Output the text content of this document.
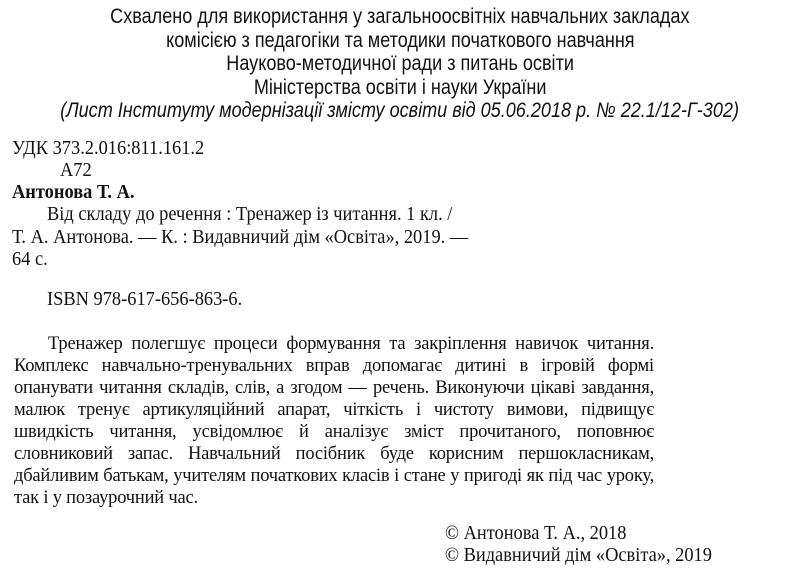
Схвалено для використання у загальноосвітніх навчальних закладах
комісією з педагогіки та методики початкового навчання
Науково-методичної ради з питань освіти
Міністерства освіти і науки України
(Лист Інституту модернізації змісту освіти від 05.06.2018 р. № 22.1/12-Г-302)
УДК 373.2.016:811.161.2
А72
Антонова Т. А.
Від складу до речення : Тренажер із читання. 1 кл. /
Т. А. Антонова. — К. : Видавничий дім «Освіта», 2019. —
64 с.
ISBN 978-617-656-863-6.
Тренажер полегшує процеси формування та закріплення навичок читання. Комплекс навчально-тренувальних вправ допомагає дитині в ігровій формі опанувати читання складів, слів, а згодом — речень. Виконуючи цікаві завдання, малюк тренує артикуляційний апарат, чіткість і чистоту вимови, підвищує швидкість читання, усвідомлює й аналізує зміст прочитаного, поповнює словниковий запас. Навчальний посібник буде корисним першокласникам, дбайливим батькам, учителям початкових класів і стане у пригоді як під час уроку, так і у позаурочний час.
© Антонова Т. А., 2018
© Видавничий дім «Освіта», 2019
